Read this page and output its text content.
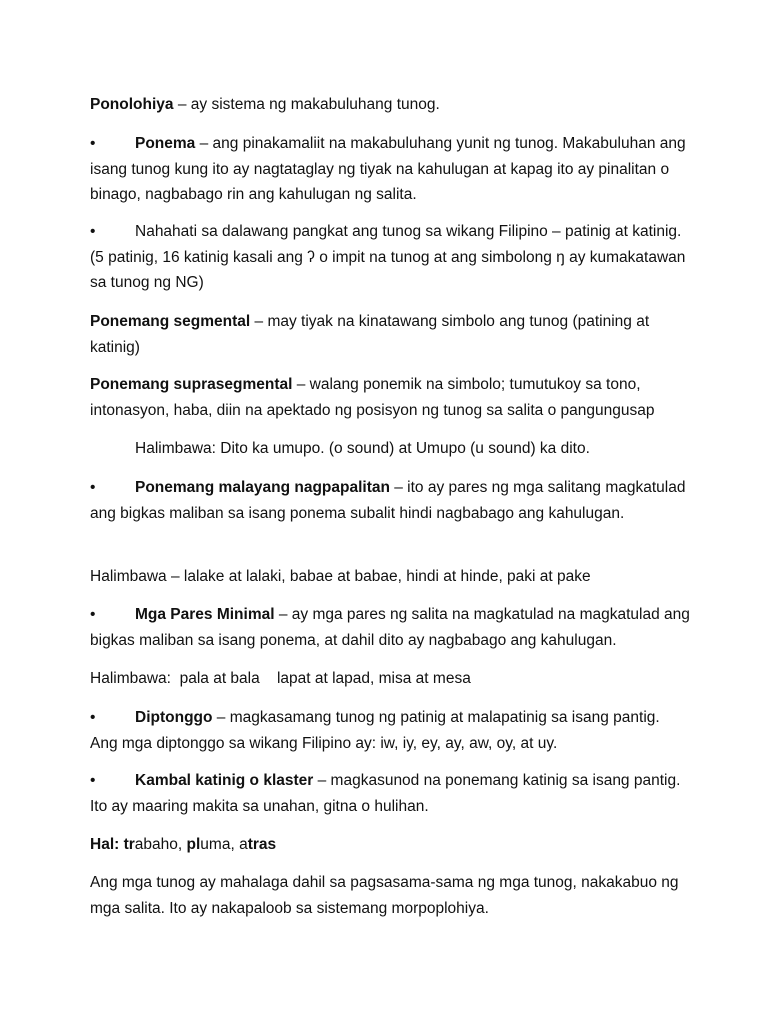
Ponolohiya – ay sistema ng makabuluhang tunog.

•	Ponema – ang pinakamaliit na makabuluhang yunit ng tunog. Makabuluhan ang isang tunog kung ito ay nagtataglay ng tiyak na kahulugan at kapag ito ay pinalitan o binago, nagbabago rin ang kahulugan ng salita.

•	Nahahati sa dalawang pangkat ang tunog sa wikang Filipino – patinig at katinig. (5 patinig, 16 katinig kasali ang ʔ o impit na tunog at ang simbolong ŋ ay kumakatawan sa tunog ng NG)

Ponemang segmental – may tiyak na kinatawang simbolo ang tunog (patining at katinig)

Ponemang suprasegmental – walang ponemik na simbolo; tumutukoy sa tono, intonasyon, haba, diin na apektado ng posisyon ng tunog sa salita o pangungusap

Halimbawa: Dito ka umupo. (o sound) at Umupo (u sound) ka dito.

•	Ponemang malayang nagpapalitan – ito ay pares ng mga salitang magkatulad ang bigkas maliban sa isang ponema subalit hindi nagbabago ang kahulugan.

Halimbawa – lalake at lalaki, babae at babae, hindi at hinde, paki at pake

•	Mga Pares Minimal – ay mga pares ng salita na magkatulad na magkatulad ang bigkas maliban sa isang ponema, at dahil dito ay nagbabago ang kahulugan.

Halimbawa:  pala at bala    lapat at lapad, misa at mesa

•	Diptonggo – magkasamang tunog ng patinig at malapatinig sa isang pantig. Ang mga diptonggo sa wikang Filipino ay: iw, iy, ey, ay, aw, oy, at uy.

•	Kambal katinig o klaster – magkasunod na ponemang katinig sa isang pantig. Ito ay maaring makita sa unahan, gitna o hulihan.

Hal: trabaho, pluma, atras

Ang mga tunog ay mahalaga dahil sa pagsasama-sama ng mga tunog, nakakabuo ng mga salita. Ito ay nakapaloob sa sistemang morpoplohiya.
